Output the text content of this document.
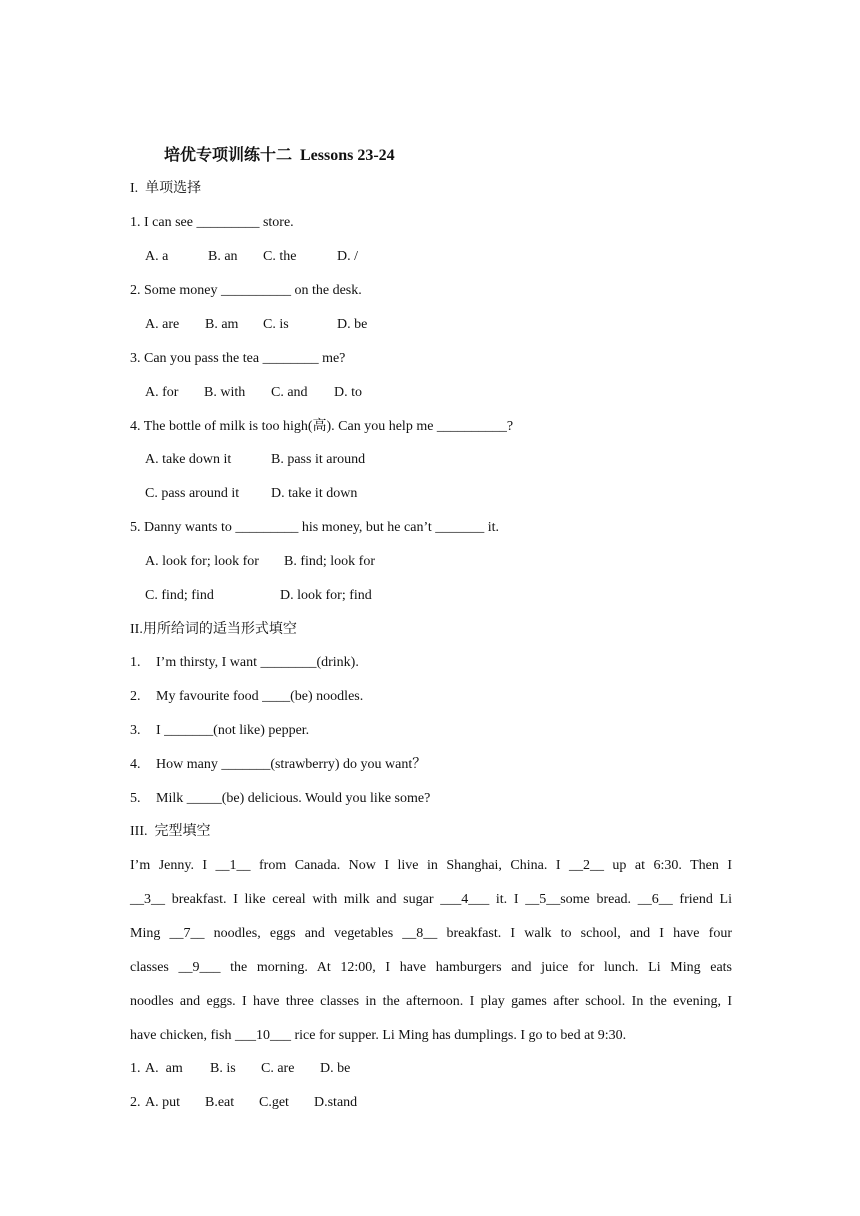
培优专项训练十二  Lessons 23-24
I.  单项选择
1. I can see _________ store.
A. a	B. an C. the	D. /
2. Some money __________ on the desk.
A. are B. am C. is	D. be
3. Can you pass the tea ________ me?
A. for B. with C. and D. to
4. The bottle of milk is too high(高). Can you help me __________?
A. take down it	B. pass it around
C. pass around it D. take it down
5. Danny wants to _________ his money, but he can’t _______ it.
A. look for; look for B. find; look for
C. find; find	D. look for; find
II.用所给词的适当形式填空
1. I’m thirsty, I want ________(drink).
2. My favourite food ____(be) noodles.
3. I _______(not like) pepper.
4. How many _______(strawberry) do you want？
5. Milk _____(be) delicious. Would you like some?
III.  完型填空
I’m Jenny. I __1__ from Canada. Now I live in Shanghai, China. I __2__ up at 6:30. Then I
__3__ breakfast. I like cereal with milk and sugar ___4___ it. I __5__some bread. __6__ friend Li
Ming __7__ noodles, eggs and vegetables __8__ breakfast. I walk to school, and I have four
classes __9___ the morning. At 12:00, I have hamburgers and juice for lunch. Li Ming eats
noodles and eggs. I have three classes in the afternoon. I play games after school. In the evening, I
have chicken, fish ___10___ rice for supper. Li Ming has dumplings. I go to bed at 9:30.
1. A.  am B. is C. are D. be
2. A. put B.eat C.get D.stand
